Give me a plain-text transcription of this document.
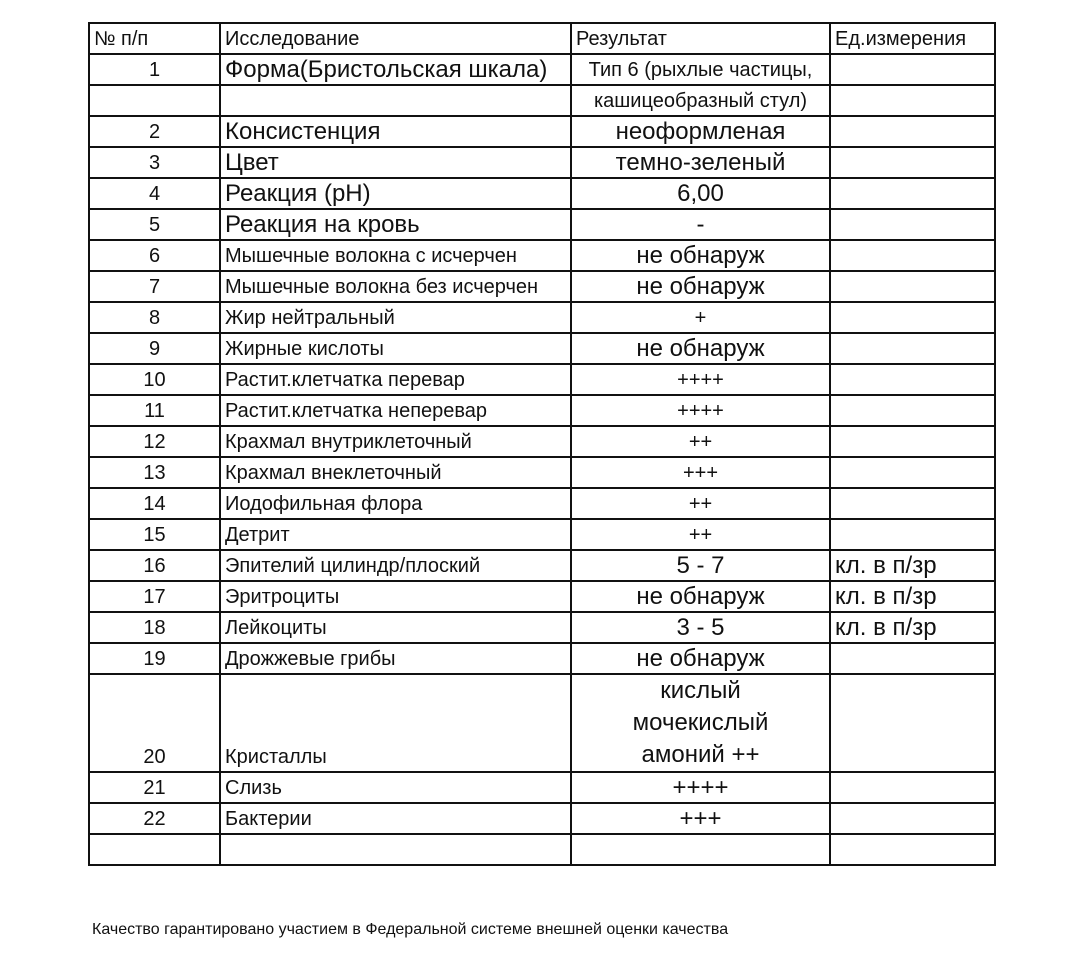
№ п/п	Исследование	Результат	Ед.измерения
1	Форма(Бристольская шкала)	Тип 6 (рыхлые частицы,	
		кашицеобразный стул)	
2	Консистенция	неоформленая	
3	Цвет	темно-зеленый	
4	Реакция (pH)	6,00	
5	Реакция на кровь	-	
6	Мышечные волокна с исчерчен	не обнаруж	
7	Мышечные волокна без исчерчен	не обнаруж	
8	Жир нейтральный	+	
9	Жирные кислоты	не обнаруж	
10	Растит.клетчатка перевар	++++	
11	Растит.клетчатка неперевар	++++	
12	Крахмал внутриклеточный	++	
13	Крахмал внеклеточный	+++	
14	Иодофильная флора	++	
15	Детрит	++	
16	Эпителий цилиндр/плоский	5 - 7	кл. в п/зр
17	Эритроциты	не обнаруж	кл. в п/зр
18	Лейкоциты	3 - 5	кл. в п/зр
19	Дрожжевые грибы	не обнаруж	
20	Кристаллы	кислый
мочекислый
амоний ++	

21	Слизь	++++	
22	Бактерии	+++	

Качество гарантировано участием в Федеральной системе внешней оценки качества
